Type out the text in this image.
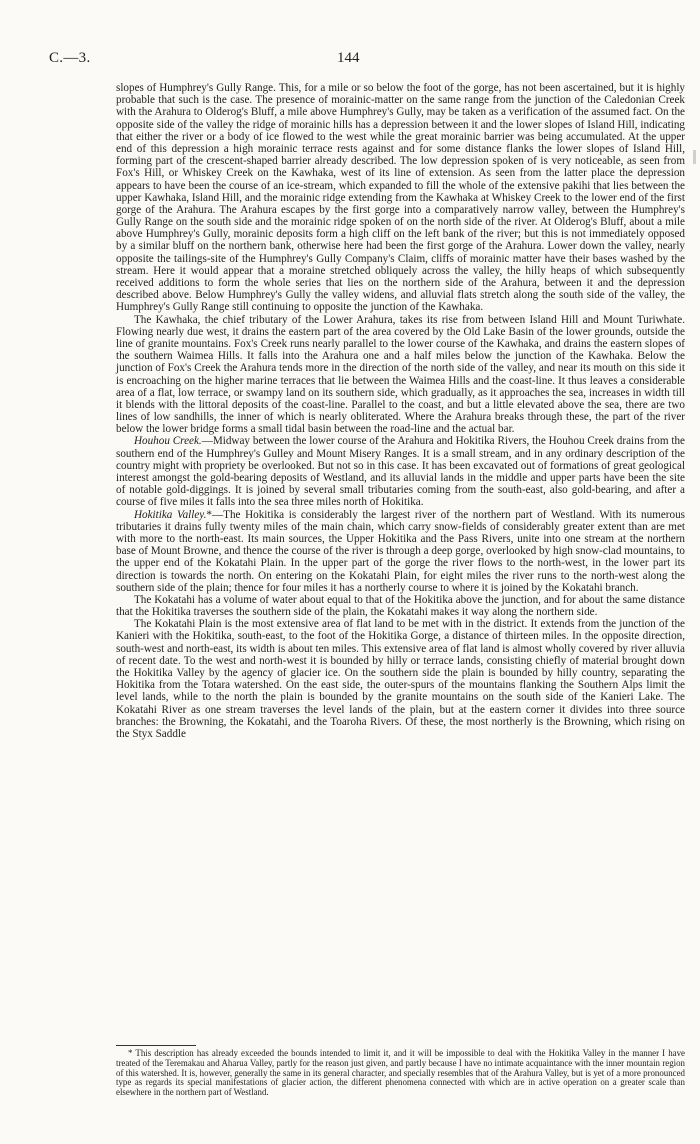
C.—3.	144

slopes of Humphrey's Gully Range. This, for a mile or so below the foot of the gorge, has not been ascertained, but it is highly probable that such is the case. The presence of morainic-matter on the same range from the junction of the Caledonian Creek with the Arahura to Olderog's Bluff, a mile above Humphrey's Gully, may be taken as a verification of the assumed fact. On the opposite side of the valley the ridge of morainic hills has a depression between it and the lower slopes of Island Hill, indicating that either the river or a body of ice flowed to the west while the great morainic barrier was being accumulated. At the upper end of this depression a high morainic terrace rests against and for some distance flanks the lower slopes of Island Hill, forming part of the crescent-shaped barrier already described. The low depression spoken of is very noticeable, as seen from Fox's Hill, or Whiskey Creek on the Kawhaka, west of its line of extension. As seen from the latter place the depression appears to have been the course of an ice-stream, which expanded to fill the whole of the extensive pakihi that lies between the upper Kawhaka, Island Hill, and the morainic ridge extending from the Kawhaka at Whiskey Creek to the lower end of the first gorge of the Arahura. The Arahura escapes by the first gorge into a comparatively narrow valley, between the Humphrey's Gully Range on the south side and the morainic ridge spoken of on the north side of the river. At Olderog's Bluff, about a mile above Humphrey's Gully, morainic deposits form a high cliff on the left bank of the river; but this is not immediately opposed by a similar bluff on the northern bank, otherwise here had been the first gorge of the Arahura. Lower down the valley, nearly opposite the tailings-site of the Humphrey's Gully Company's Claim, cliffs of morainic matter have their bases washed by the stream. Here it would appear that a moraine stretched obliquely across the valley, the hilly heaps of which subsequently received additions to form the whole series that lies on the northern side of the Arahura, between it and the depression described above. Below Humphrey's Gully the valley widens, and alluvial flats stretch along the south side of the valley, the Humphrey's Gully Range still continuing to opposite the junction of the Kawhaka.

The Kawhaka, the chief tributary of the Lower Arahura, takes its rise from between Island Hill and Mount Turiwhate. Flowing nearly due west, it drains the eastern part of the area covered by the Old Lake Basin of the lower grounds, outside the line of granite mountains. Fox's Creek runs nearly parallel to the lower course of the Kawhaka, and drains the eastern slopes of the southern Waimea Hills. It falls into the Arahura one and a half miles below the junction of the Kawhaka. Below the junction of Fox's Creek the Arahura tends more in the direction of the north side of the valley, and near its mouth on this side it is encroaching on the higher marine terraces that lie between the Waimea Hills and the coast-line. It thus leaves a considerable area of a flat, low terrace, or swampy land on its southern side, which gradually, as it approaches the sea, increases in width till it blends with the littoral deposits of the coast-line. Parallel to the coast, and but a little elevated above the sea, there are two lines of low sandhills, the inner of which is nearly obliterated. Where the Arahura breaks through these, the part of the river below the lower bridge forms a small tidal basin between the road-line and the actual bar.

Houhou Creek.—Midway between the lower course of the Arahura and Hokitika Rivers, the Houhou Creek drains from the southern end of the Humphrey's Gulley and Mount Misery Ranges. It is a small stream, and in any ordinary description of the country might with propriety be overlooked. But not so in this case. It has been excavated out of formations of great geological interest amongst the gold-bearing deposits of Westland, and its alluvial lands in the middle and upper parts have been the site of notable gold-diggings. It is joined by several small tributaries coming from the south-east, also gold-bearing, and after a course of five miles it falls into the sea three miles north of Hokitika.

Hokitika Valley.*—The Hokitika is considerably the largest river of the northern part of Westland. With its numerous tributaries it drains fully twenty miles of the main chain, which carry snow-fields of considerably greater extent than are met with more to the north-east. Its main sources, the Upper Hokitika and the Pass Rivers, unite into one stream at the northern base of Mount Browne, and thence the course of the river is through a deep gorge, overlooked by high snow-clad mountains, to the upper end of the Kokatahi Plain. In the upper part of the gorge the river flows to the north-west, in the lower part its direction is towards the north. On entering on the Kokatahi Plain, for eight miles the river runs to the north-west along the southern side of the plain; thence for four miles it has a northerly course to where it is joined by the Kokatahi branch.

The Kokatahi has a volume of water about equal to that of the Hokitika above the junction, and for about the same distance that the Hokitika traverses the southern side of the plain, the Kokatahi makes it way along the northern side.

The Kokatahi Plain is the most extensive area of flat land to be met with in the district. It extends from the junction of the Kanieri with the Hokitika, south-east, to the foot of the Hokitika Gorge, a distance of thirteen miles. In the opposite direction, south-west and north-east, its width is about ten miles. This extensive area of flat land is almost wholly covered by river alluvia of recent date. To the west and north-west it is bounded by hilly or terrace lands, consisting chiefly of material brought down the Hokitika Valley by the agency of glacier ice. On the southern side the plain is bounded by hilly country, separating the Hokitika from the Totara watershed. On the east side, the outer-spurs of the mountains flanking the Southern Alps limit the level lands, while to the north the plain is bounded by the granite mountains on the south side of the Kanieri Lake. The Kokatahi River as one stream traverses the level lands of the plain, but at the eastern corner it divides into three source branches: the Browning, the Kokatahi, and the Toaroha Rivers. Of these, the most northerly is the Browning, which rising on the Styx Saddle

* This description has already exceeded the bounds intended to limit it, and it will be impossible to deal with the Hokitika Valley in the manner I have treated of the Teremakau and Aharua Valley, partly for the reason just given, and partly because I have no intimate acquaintance with the inner mountain region of this watershed. It is, however, generally the same in its general character, and specially resembles that of the Arahura Valley, but is yet of a more pronounced type as regards its special manifestations of glacier action, the different phenomena connected with which are in active operation on a greater scale than elsewhere in the northern part of Westland.
